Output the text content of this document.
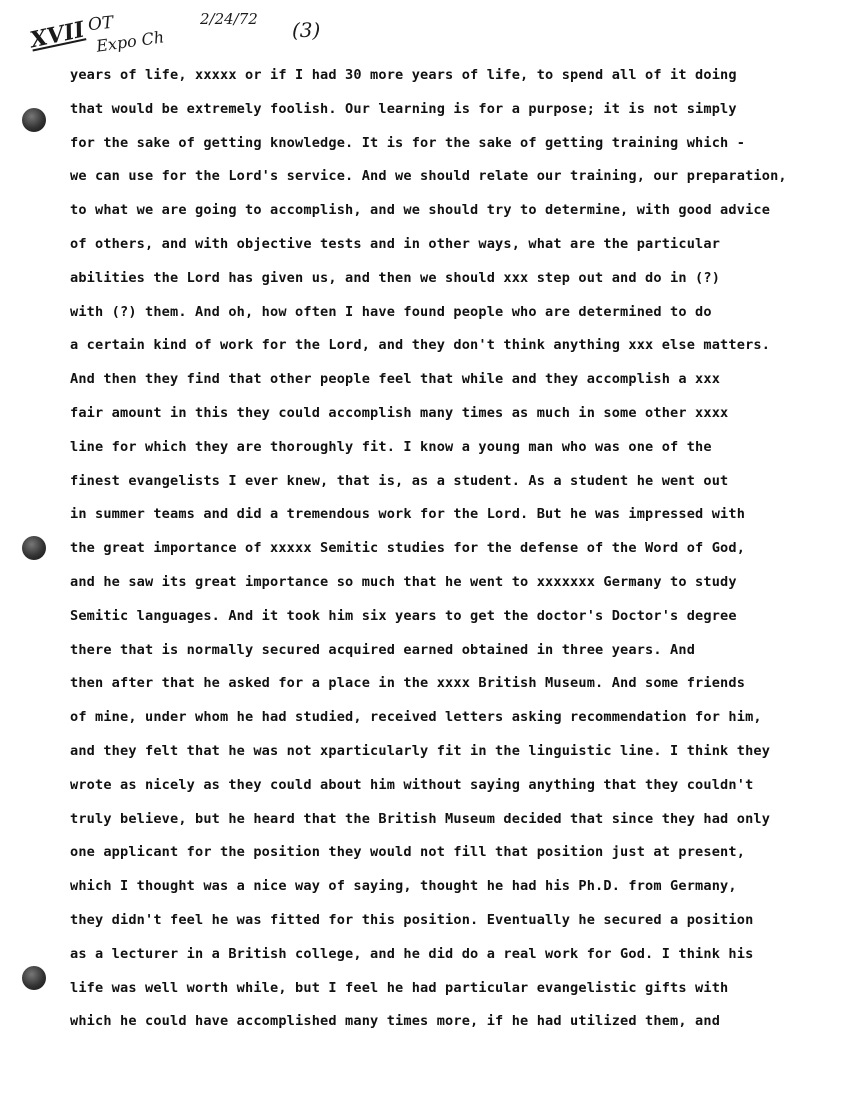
XVII OT
Expo Ch
2/24/72 (3)
years of life, xxxxx or if I had 30 more years of life, to spend all of it doing
that would be extremely foolish. Our learning is for a purpose; it is not simply
for the sake of getting knowledge. It is for the sake of getting training which -
we can use for the Lord's service. And we should relate our training, our preparation,
to what we are going to accomplish, and we should try to determine, with good advice
of others, and with objective tests and in other ways, what are the particular
abilities the Lord has given us, and then we should xxx step out and do in (?)
with (?) them. And oh, how often I have found people who are determined to do
a certain kind of work for the Lord, and they don't think anything xxx else matters.
And then they find that other people feel that while and they accomplish a xxx
fair amount in this they could accomplish many times as much in some other xxxx
line for which they are thoroughly fit. I know a young man who was one of the
finest evangelists I ever knew, that is, as a student. As a student he went out
in summer teams and did a tremendous work for the Lord. But he was impressed with
the great importance of xxxxx Semitic studies for the defense of the Word of God,
and he saw its great importance so much that he went to xxxxxxx Germany to study
Semitic languages. And it took him six years to get the doctor's Doctor's degree
there that is normally secured acquired earned obtained in three years. And
then after that he asked for a place in the xxxx British Museum. And some friends
of mine, under whom he had studied, received letters asking recommendation for him,
and they felt that he was not xparticularly fit in the linguistic line. I think they
wrote as nicely as they could about him without saying anything that they couldn't
truly believe, but he heard that the British Museum decided that since they had only
one applicant for the position they would not fill that position just at present,
which I thought was a nice way of saying, thought he had his Ph.D. from Germany,
they didn't feel he was fitted for this position. Eventually he secured a position
as a lecturer in a British college, and he did do a real work for God. I think his
life was well worth while, but I feel he had particular evangelistic gifts with
which he could have accomplished many times more, if he had utilized them, and
